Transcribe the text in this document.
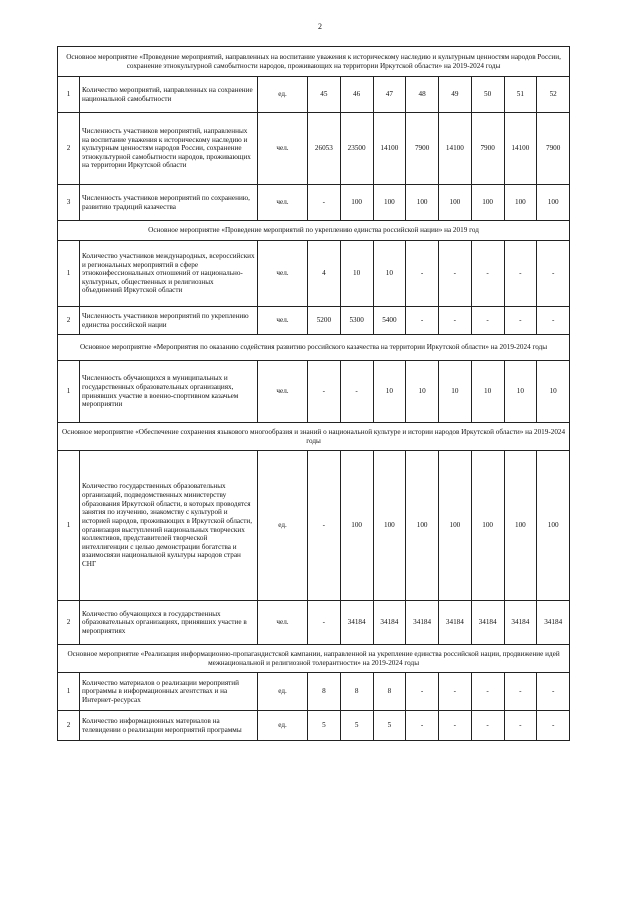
2
Основное мероприятие «Проведение мероприятий, направленных на воспитание уважения к историческому наследию и культурным ценностям народов России, сохранение этнокультурной самобытности народов, проживающих на территории Иркутской области» на 2019-2024 годы										
1	Количество мероприятий, направленных на сохранение национальной самобытности	ед.	45	46	47	48	49	50	51	52
2	Численность участников мероприятий, направленных на воспитание уважения к историческому наследию и культурным ценностям народов России, сохранение этнокультурной самобытности народов, проживающих на территории Иркутской области	чел.	26053	23500	14100	7900	14100	7900	14100	7900
3	Численность участников мероприятий по сохранению, развитию традиций казачества	чел.	-	100	100	100	100	100	100	100
Основное мероприятие «Проведение мероприятий по укреплению единства российской нации» на 2019 год										
1	Количество участников международных, всероссийских и региональных мероприятий в сфере этноконфессиональных отношений от национально-культурных, общественных и религиозных объединений Иркутской области	чел.	4	10	10	-	-	-	-	-
2	Численность участников мероприятий по укреплению единства российской нации	чел.	5200	5300	5400	-	-	-	-	-
Основное мероприятие «Мероприятия по оказанию содействия развитию российского казачества на территории Иркутской области» на 2019-2024 годы										
1	Численность обучающихся в муниципальных и государственных образовательных организациях, принявших участие в военно-спортивном казачьем мероприятии	чел.	-	-	10	10	10	10	10	10
Основное мероприятие «Обеспечение сохранения языкового многообразия и знаний о национальной культуре и истории народов Иркутской области» на 2019-2024 годы										
1	Количество государственных образовательных организаций, подведомственных министерству образования Иркутской области, в которых проводятся занятия по изучению, знакомству с культурой и историей народов, проживающих в Иркутской области, организация выступлений национальных творческих коллективов, представителей творческой интеллигенции с целью демонстрации богатства и взаимосвязи национальной культуры народов стран СНГ	ед.	-	100	100	100	100	100	100	100
2	Количество обучающихся в государственных образовательных организациях, принявших участие в мероприятиях	чел.	-	34184	34184	34184	34184	34184	34184	34184
Основное мероприятие «Реализация информационно-пропагандистской кампании, направленной на укрепление единства российской нации, продвижение идей межнациональной и религиозной толерантности» на 2019-2024 годы										
1	Количество материалов о реализации мероприятий программы в информационных агентствах и на Интернет-ресурсах	ед.	8	8	8	-	-	-	-	-
2	Количество информационных материалов на телевидении о реализации мероприятий программы	ед.	5	5	5	-	-	-	-	-
